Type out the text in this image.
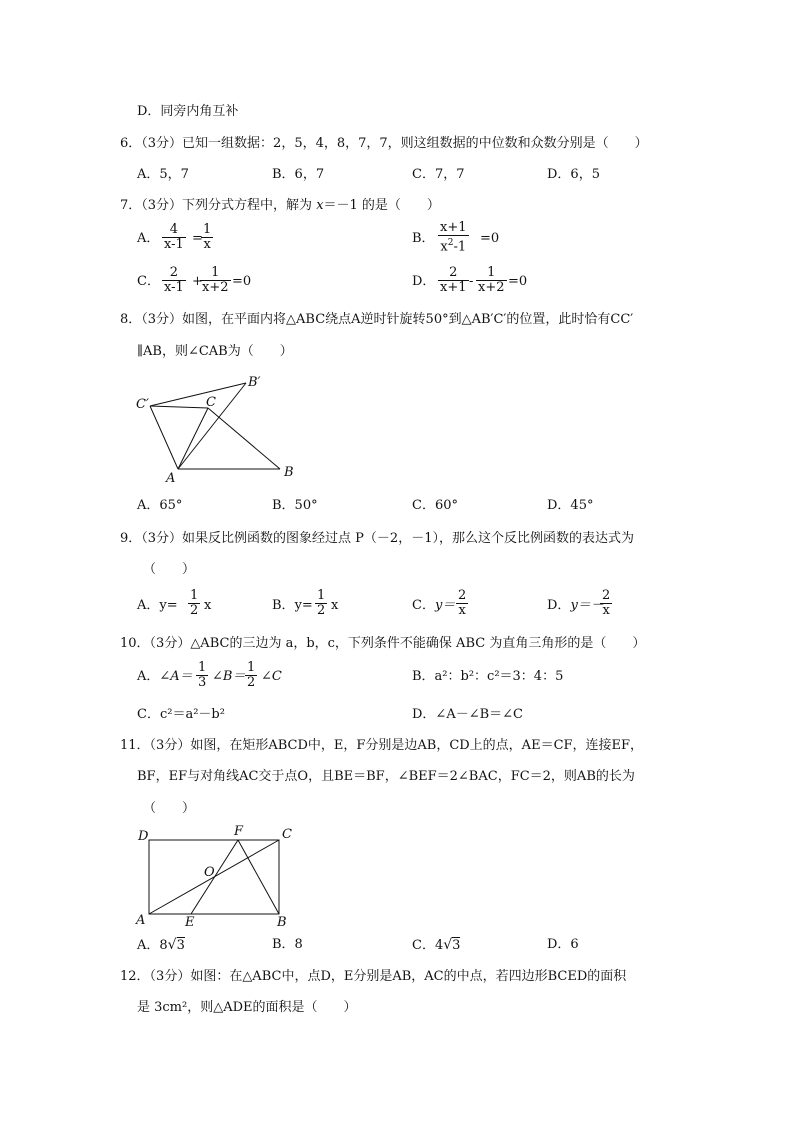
D．同旁内角互补
6．（3分）已知一组数据：2，5，4，8，7，7，则这组数据的中位数和众数分别是（　　）
A．5，7	B．6，7	C．7，7	D．6，5
7．（3分）下列分式方程中，解为 x＝－1 的是（　　）
A． $\frac{4}{x-1}$ =
$\frac{1}{x}$	B． $\frac{x+1}{x^2-1} =0$
C． $\frac{2}{x-1}$ +
$\frac{1}{x+2} =0$	D． $\frac{2}{x+1} - \frac{1}{x+2} =0$
8．（3分）如图，在平面内将△ABC绕点A逆时针旋转50°到△AB′C′的位置，此时恰有CC′
∥AB，则∠CAB为（　　）
A	B
C
B′
C′
A．65°	B．50°	C．60°	D．45°
9．（3分）如果反比例函数的图象经过点 P（－2，－1），那么这个反比例函数的表达式为
（　　）
A．$y= \frac{1}{2}$ x	B．$y= \frac{1}{2}$ x	C．$y= \frac{2}{x}$	D．y＝－
$\frac{2}{x}$
10．（3分）△ABC的三边为 a，b，c，下列条件不能确保 ABC 为直角三角形的是（　　）
A．∠A＝ $\frac{1}{3}$ ∠B＝ $\frac{1}{2}$ ∠C	B．a²：b²：c²＝3：4：5
C．c²＝a²－b²	D．∠A－∠B＝∠C
11．（3分）如图，在矩形ABCD中，E，F分别是边AB，CD上的点，AE＝CF，连接EF，
BF，EF与对角线AC交于点O，且BE＝BF，∠BEF＝2∠BAC，FC＝2，则AB的长为
（　　）
D	C
F
O
A	E	B
A．8√3	B．8	C．4√3	D．6
12．（3分）如图：在△ABC中，点D，E分别是AB，AC的中点，若四边形BCED的面积
是 3cm²，则△ADE的面积是（　　）
